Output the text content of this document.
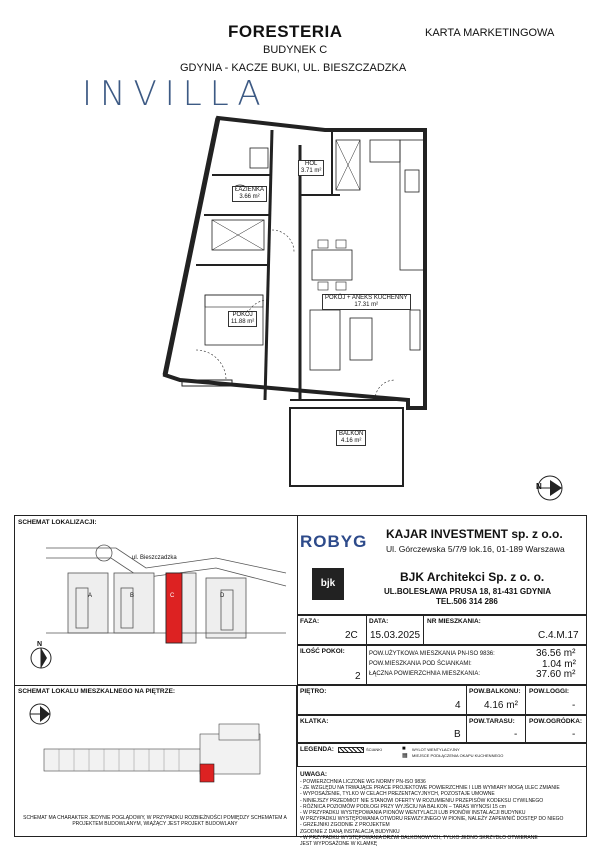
FORESTERIA
BUDYNEK C
GDYNIA - KACZE BUKI, UL. BIESZCZADZKA
KARTA MARKETINGOWA
INVILLA
HOL
3.71 m²
ŁAZIENKA
3.66 m²
POKÓJ
11.88 m²
POKÓJ + ANEKS KUCHENNY
17.31 m²
BALKON
4.16 m²
N
SCHEMAT LOKALIZACJI:
ul. Bieszczadzka
A	B	C	D
N
ROBYG KAJAR INVESTMENT sp. z o.o.
Ul. Górczewska 5/7/9 lok.16, 01-189 Warszawa
bjk	BJK Architekci Sp. z o. o.
UL.BOLESŁAWA PRUSA 18, 81-431 GDYNIA
TEL.506 314 286
FAZA:
2C
DATA:
15.03.2025
NR MIESZKANIA:
C.4.M.17
ILOŚĆ POKOI:
2
POW.UŻYTKOWA MIESZKANIA PN-ISO 9836:	36.56 m²
POW.MIESZKANIA POD ŚCIANKAMI:	1.04 m²
ŁĄCZNA POWIERZCHNIA MIESZKANIA:	37.60 m²
SCHEMAT LOKALU MIESZKALNEGO NA PIĘTRZE:	PIĘTRO:
4
POW.BALKONU:
4.16 m²
POW.LOGGI:
-
KLATKA:
B
POW.TARASU:
-
POW.OGRÓDKA:
-
LEGENDA:	ŚCIANKI	■ WYLOT WENTYLACYJNY
▦ MIEJSCE PODŁĄCZENIA OKAPU KUCHENNEGO
UWAGA:
- POWIERZCHNIA LICZONE WG NORMY PN-ISO 9836
- ZE WZGLĘDU NA TRWAJĄCE PRACE PROJEKTOWE POWIERZCHNIE I LUB WYMIARY MOGĄ ULEC ZMIANIE
- WYPOSAŻENIE, TYLKO W CELACH PREZENTACYJNYCH, POZOSTAJE UMOWNE
- NINIEJSZY PRZEDMIOT NIE STANOWI OFERTY W ROZUMIENIU PRZEPISÓW KODEKSU CYWILNEGO
- RÓŻNICA POZIOMÓW PODŁOGI PRZY WYJŚCIU NA BALKON – TARAS WYNOSI 15 cm
- W PRZYPADKU WYSTĘPOWANIA PIONÓW WENTYLACJI LUB PIONÓW INSTALACJI BUDYNKU
W PRZYPADKU WYSTĘPOWANIA OTWORU REWIZYJNEGO W PIONIE, NALEŻY ZAPEWNIĆ DOSTĘP DO NIEGO
- GRZEJNIKI ZGODNIE Z PROJEKTEM
ZGODNIE Z DANĄ INSTALACJĄ BUDYNKU
- W PRZYPADKU WYSTĘPOWANIA DRZWI BALKONOWYCH, TYLKO JEDNO SKRZYDŁO OTWIERANE
JEST WYPOSAŻONE W KLAMKĘ
SCHEMAT MA CHARAKTER JEDYNIE POGLĄDOWY, W PRZYPADKU ROZBIEŻNOŚCI POMIĘDZY SCHEMATEM A PROJEKTEM BUDOWLANYM, WIĄŻĄCY JEST PROJEKT BUDOWLANY
